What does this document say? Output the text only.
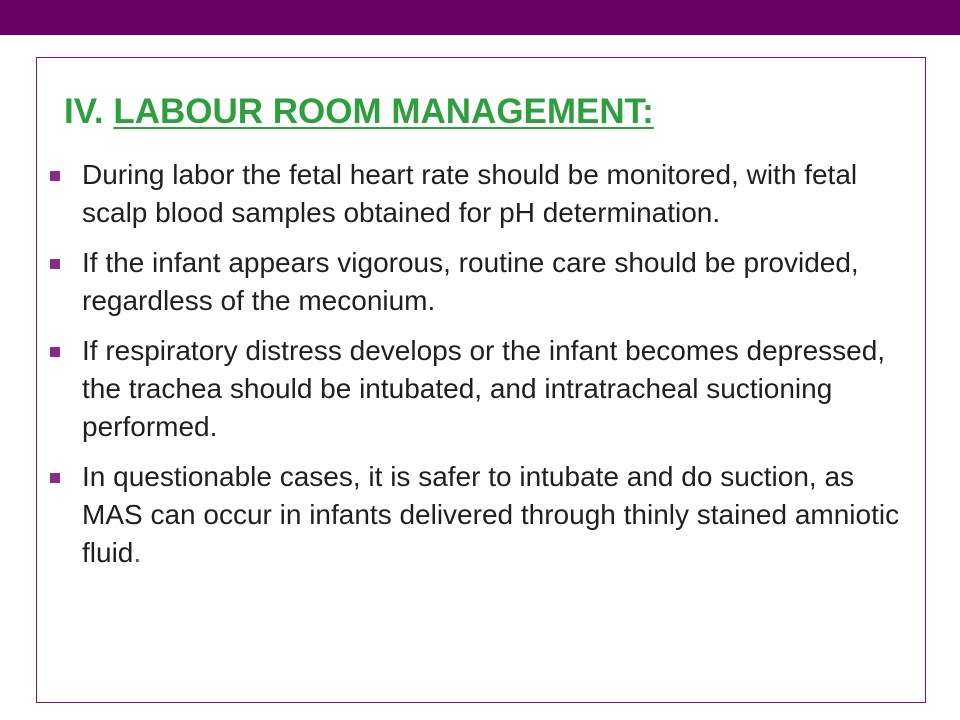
IV. LABOUR ROOM MANAGEMENT:
During labor the fetal heart rate should be monitored, with fetal scalp blood samples obtained for pH determination.
If the infant appears vigorous, routine care should be provided, regardless of the meconium.
If respiratory distress develops or the infant becomes depressed, the trachea should be intubated, and intratracheal suctioning performed.
In questionable cases, it is safer to intubate and do suction, as MAS can occur in infants delivered through thinly stained amniotic fluid.
